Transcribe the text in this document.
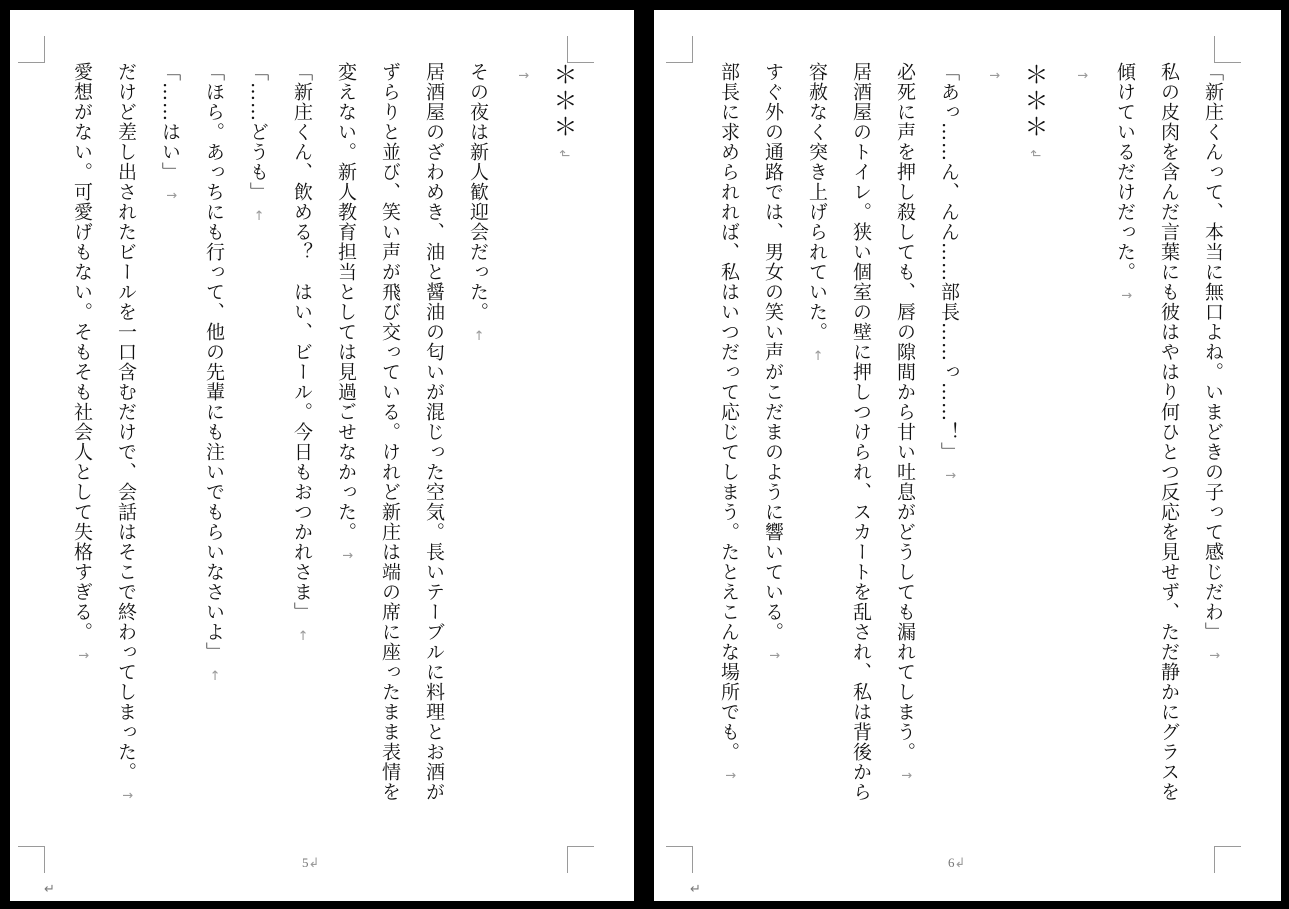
＊＊＊↲
↑
その夜は新人歓迎会だった。←
居酒屋のざわめき、油と醤油の匂いが混じった空気。長いテーブルに料理とお酒が
ずらりと並び、笑い声が飛び交っている。けれど新庄は端の席に座ったまま表情を
変えない。新人教育担当としては見過ごせなかった。↑
「新庄くん、飲める？　はい、ビール。今日もおつかれさま」←
「……どうも」←
「ほら。あっちにも行って、他の先輩にも注いでもらいなさいよ」←
「……はい」↑
だけど差し出されたビールを一口含むだけで、会話はそこで終わってしまった。↑
愛想がない。可愛げもない。そもそも社会人として失格すぎる。↑
5↲
↵
「新庄くんって、本当に無口よね。いまどきの子って感じだわ」↑
私の皮肉を含んだ言葉にも彼はやはり何ひとつ反応を見せず、ただ静かにグラスを
傾けているだけだった。↑
↑
＊＊＊↲
↑
「あっ……ん、んん……部長……っ……！」↑
必死に声を押し殺しても、唇の隙間から甘い吐息がどうしても漏れてしまう。↑
居酒屋のトイレ。狭い個室の壁に押しつけられ、スカートを乱され、私は背後から
容赦なく突き上げられていた。←
すぐ外の通路では、男女の笑い声がこだまのように響いている。↑
部長に求められれば、私はいつだって応じてしまう。たとえこんな場所でも。↑
6↲
↵
